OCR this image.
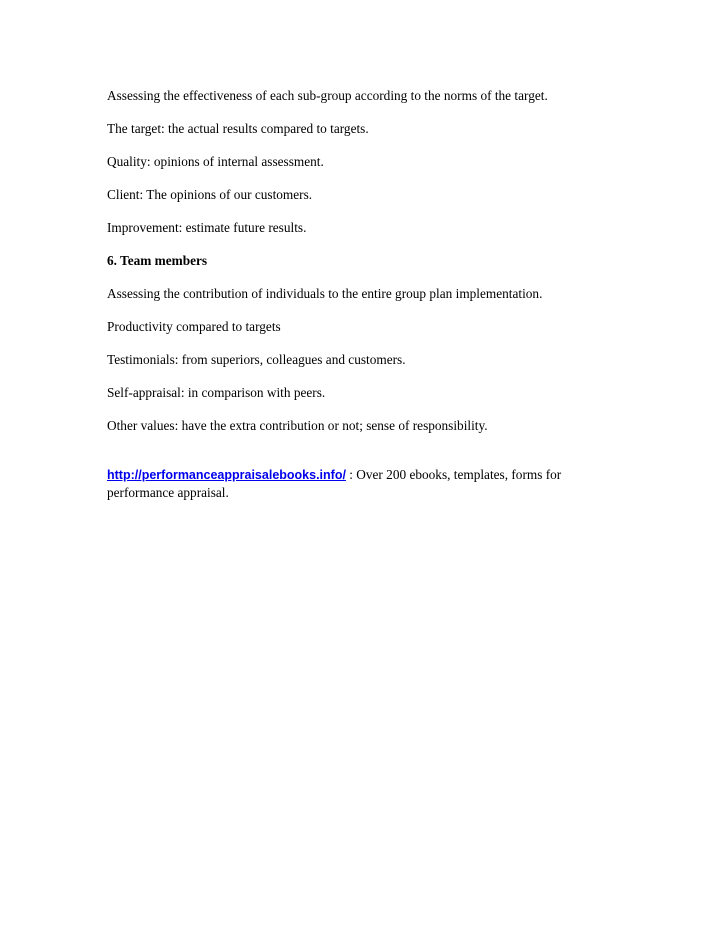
Assessing the effectiveness of each sub-group according to the norms of the target.

The target: the actual results compared to targets.

Quality: opinions of internal assessment.

Client: The opinions of our customers.

Improvement: estimate future results.

6. Team members

Assessing the contribution of individuals to the entire group plan implementation.

Productivity compared to targets

Testimonials: from superiors, colleagues and customers.

Self-appraisal: in comparison with peers.

Other values: have the extra contribution or not; sense of responsibility.

http://performanceappraisalebooks.info/ : Over 200 ebooks, templates, forms for performance appraisal.
